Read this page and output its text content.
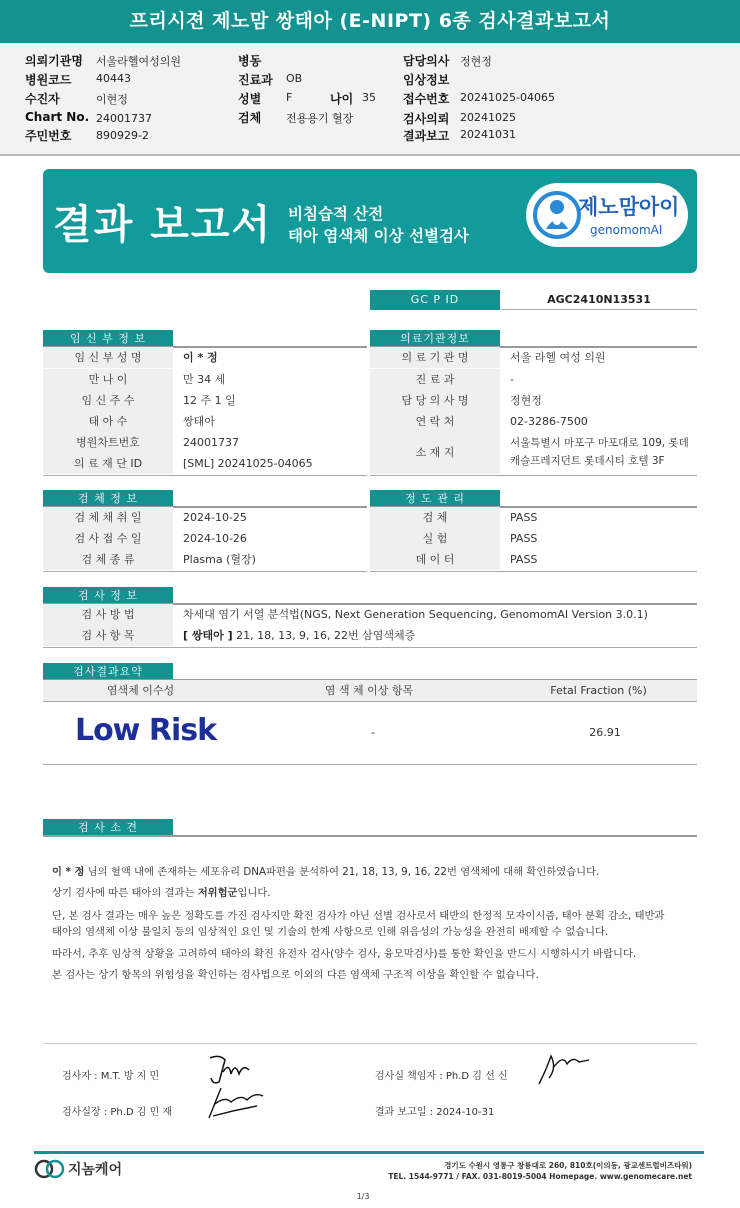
프리시젼 제노맘 쌍태아 (E-NIPT) 6종 검사결과보고서
의뢰기관명 서울라헬여성의원
병원코드 40443
수진자	이현정
Chart No. 24001737
주민번호 890929-2
병동
진료과 OB
성별 F	나이 35
검체 전용용기 혈장
담당의사 정현정
임상정보
접수번호 20241025-04065
검사의뢰 20241025
결과보고 20241031
결과 보고서 비침습적 산전
태아 염색체 이상 선별검사
제노맘아이
genomomAI
GC P ID	AGC2410N13531
임 신 부 정 보
임 신 부 성 명	이 * 정
만 나 이	만 34 세
임 신 주 수	12 주 1 일
태 아 수	쌍태아
병원차트번호	24001737
의 료 재 단 ID	[SML] 20241025-04065
의료기관정보
의 료 기 관 명	서울 라헬 여성 의원
진 료 과	-
담 당 의 사 명	정현정
연 락 처	02-3286-7500
소 재 지
서울특별시 마포구 마포대로 109, 롯데
캐슬프레지던트 롯데시티 호텔 3F
검 체 정 보
검 체 채 취 일	2024-10-25
검 사 접 수 일	2024-10-26
검 체 종 류	Plasma (혈장)
정 도 관 리
검 체	PASS
실 험	PASS
데 이 터	PASS
검 사 정 보
검 사 방 법	차세대 염기 서열 분석법(NGS, Next Generation Sequencing, GenomomAI Version 3.0.1)
검 사 항 목	[ 쌍태아 ] 21, 18, 13, 9, 16, 22번 삼염색체증
검사결과요약
염색체 이수성	염 색 체 이상 항목	Fetal Fraction (%)
Low Risk	-	26.91
검 사 소 견
이 * 정 님의 혈액 내에 존재하는 세포유리 DNA파편을 분석하여 21, 18, 13, 9, 16, 22번 염색체에 대해 확인하였습니다.
상기 검사에 따른 태아의 결과는 저위험군입니다.
단, 본 검사 결과는 매우 높은 정확도를 가진 검사지만 확진 검사가 아닌 선별 검사로서 태반의 한정적 모자이시즘, 태아 분획 감소, 태반과
태아의 염색체 이상 불일치 등의 임상적인 요인 및 기술의 한계 사항으로 인해 위음성의 가능성을 완전히 배제할 수 없습니다.
따라서, 추후 임상적 상황을 고려하여 태아의 확진 유전자 검사(양수 검사, 융모막검사)를 통한 확인을 반드시 시행하시기 바랍니다.
본 검사는 상기 항목의 위험성을 확인하는 검사법으로 이외의 다른 염색체 구조적 이상을 확인할 수 없습니다.
검사자 : M.T. 방 지 민
검사실장 : Ph.D 김 민 재
검사실 책임자 : Ph.D 김 선 신
결과 보고일 : 2024-10-31
지놈케어	경기도 수원시 영통구 창룡대로 260, 810호(이의동, 광교센트럴비즈타워)
TEL. 1544-9771 / FAX. 031-8019-5004 Homepage. www.genomecare.net
1/3
